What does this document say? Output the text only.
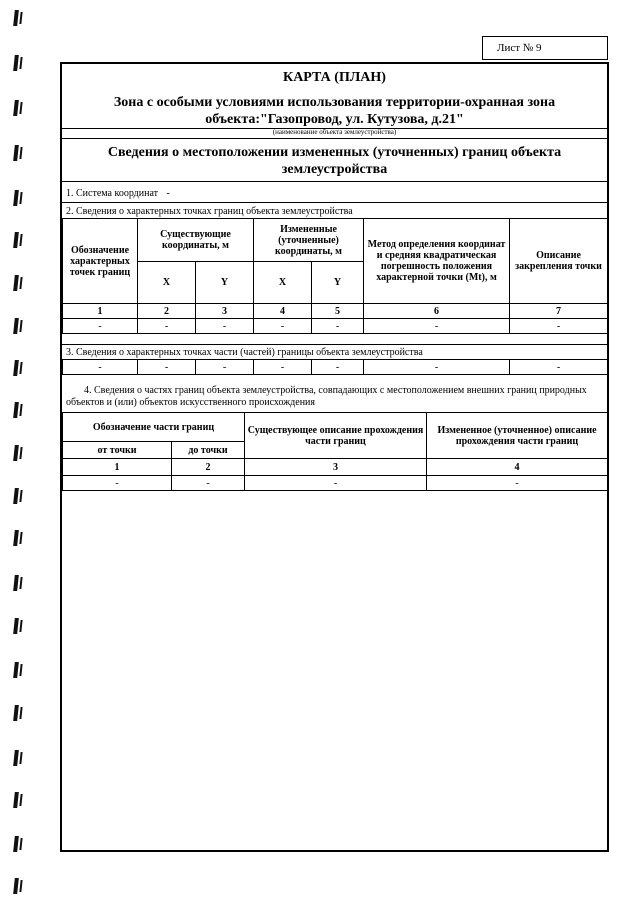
Лист № 9
КАРТА (ПЛАН)
Зона с особыми условиями использования территории-охранная зона
объекта:"Газопровод, ул. Кутузова, д.21"
(наименование объекта землеустройства)
Сведения о местоположении измененных (уточненных) границ объекта
землеустройства
1. Система координат -
2. Сведения о характерных точках границ объекта землеустройства
Обозначение характерных точек границ	Существующие координаты, м		Измененные (уточненные) координаты, м		Метод определения координат и средняя квадратическая погрешность положения характерной точки (Mt), м	Описание закрепления точки
	X	Y	X	Y		
1	2	3	4	5	6	7
-	-	-	-	-	-	-
3. Сведения о характерных точках части (частей) границы объекта землеустройства
-	-	-	-	-	-	-
4. Сведения о частях границ объекта землеустройства, совпадающих с местоположением внешних границ природных объектов и (или) объектов искусственного происхождения
Обозначение части границ		Существующее описание прохождения части границ	Измененное (уточненное) описание прохождения части границ
от точки	до точки		
1	2	3	4
-	-	-	-
